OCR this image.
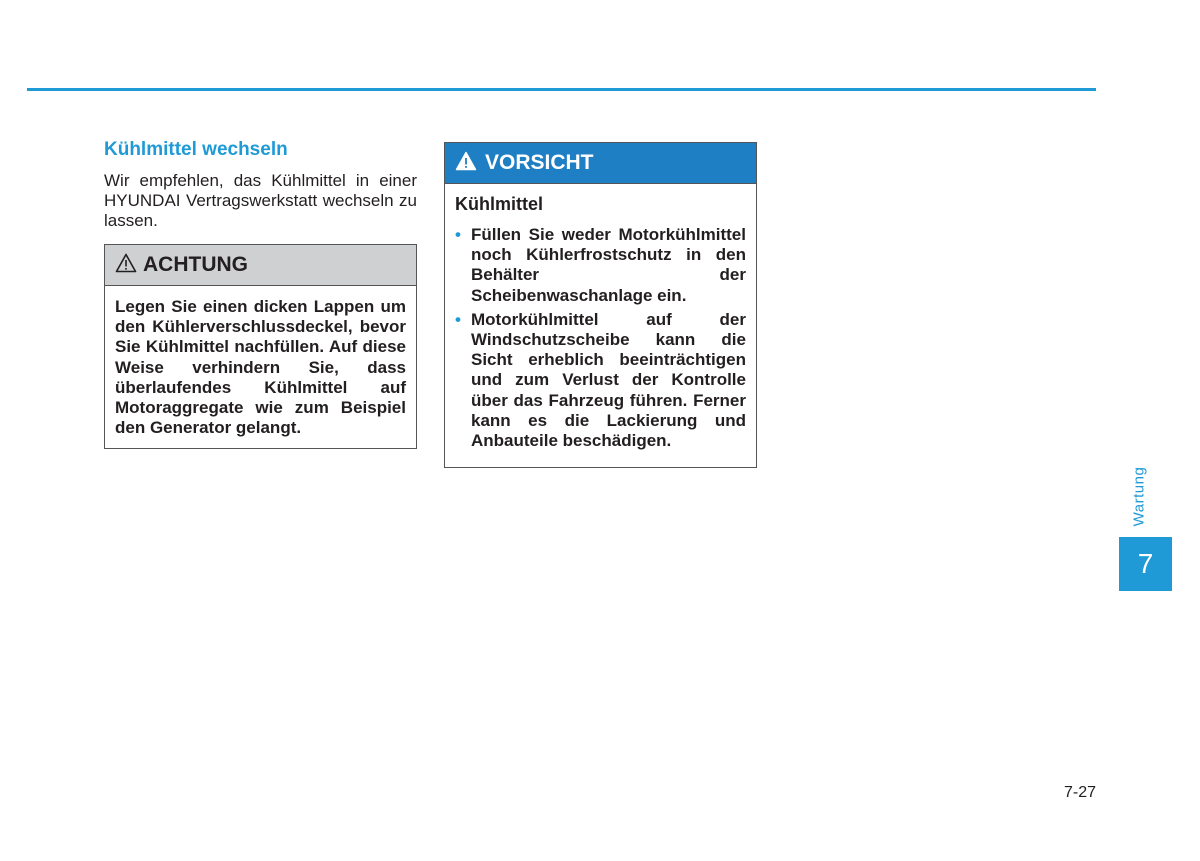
Kühlmittel wechseln

Wir empfehlen, das Kühlmittel in einer HYUNDAI Vertragswerkstatt wechseln zu lassen.

ACHTUNG
Legen Sie einen dicken Lappen um den Kühlerverschlussdeckel, bevor Sie Kühlmittel nachfüllen. Auf diese Weise verhindern Sie, dass überlaufendes Kühlmittel auf Motoraggregate wie zum Beispiel den Generator gelangt.
VORSICHT
Kühlmittel
• Füllen Sie weder Motorkühlmittel noch Kühlerfrostschutz in den Behälter der Scheibenwaschanlage ein.
• Motorkühlmittel auf der Windschutzscheibe kann die Sicht erheblich beeinträchtigen und zum Verlust der Kontrolle über das Fahrzeug führen. Ferner kann es die Lackierung und Anbauteile beschädigen.
Wartung
7
7-27
